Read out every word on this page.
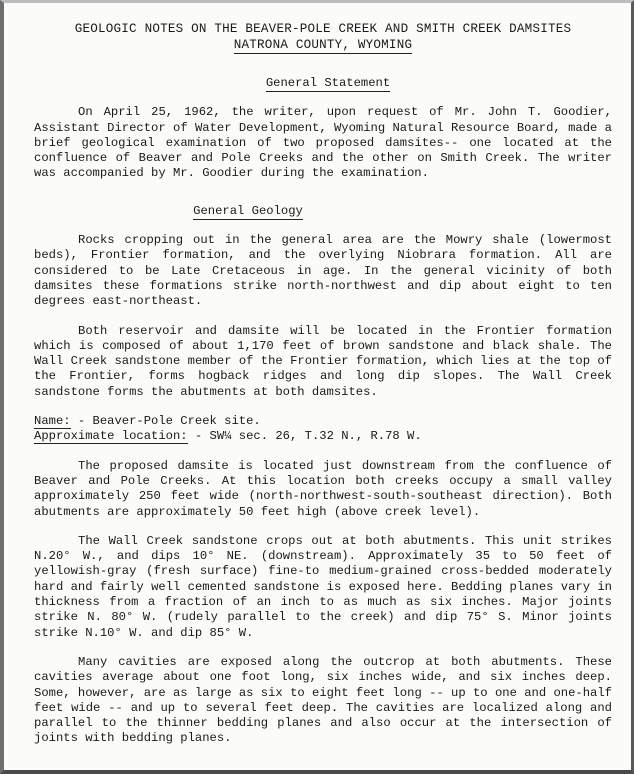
GEOLOGIC NOTES ON THE BEAVER-POLE CREEK AND SMITH CREEK DAMSITES
NATRONA COUNTY, WYOMING
General Statement

On April 25, 1962, the writer, upon request of Mr. John T. Goodier, Assistant Director of Water Development, Wyoming Natural Resource Board, made a brief geological examination of two proposed damsites-- one located at the confluence of Beaver and Pole Creeks and the other on Smith Creek. The writer was accompanied by Mr. Goodier during the examination.

General Geology

Rocks cropping out in the general area are the Mowry shale (lowermost beds), Frontier formation, and the overlying Niobrara formation. All are considered to be Late Cretaceous in age. In the general vicinity of both damsites these formations strike north-northwest and dip about eight to ten degrees east-northeast.

Both reservoir and damsite will be located in the Frontier formation which is composed of about 1,170 feet of brown sandstone and black shale. The Wall Creek sandstone member of the Frontier formation, which lies at the top of the Frontier, forms hogback ridges and long dip slopes. The Wall Creek sandstone forms the abutments at both damsites.

Name: - Beaver-Pole Creek site.
Approximate location: - SW¼ sec. 26, T.32 N., R.78 W.

The proposed damsite is located just downstream from the confluence of Beaver and Pole Creeks. At this location both creeks occupy a small valley approximately 250 feet wide (north-northwest-south-southeast direction). Both abutments are approximately 50 feet high (above creek level).

The Wall Creek sandstone crops out at both abutments. This unit strikes N.20° W., and dips 10° NE. (downstream). Approximately 35 to 50 feet of yellowish-gray (fresh surface) fine-to medium-grained cross-bedded moderately hard and fairly well cemented sandstone is exposed here. Bedding planes vary in thickness from a fraction of an inch to as much as six inches. Major joints strike N. 80° W. (rudely parallel to the creek) and dip 75° S. Minor joints strike N.10° W. and dip 85° W.

Many cavities are exposed along the outcrop at both abutments. These cavities average about one foot long, six inches wide, and six inches deep. Some, however, are as large as six to eight feet long -- up to one and one-half feet wide -- and up to several feet deep. The cavities are localized along and parallel to the thinner bedding planes and also occur at the intersection of joints with bedding planes.
